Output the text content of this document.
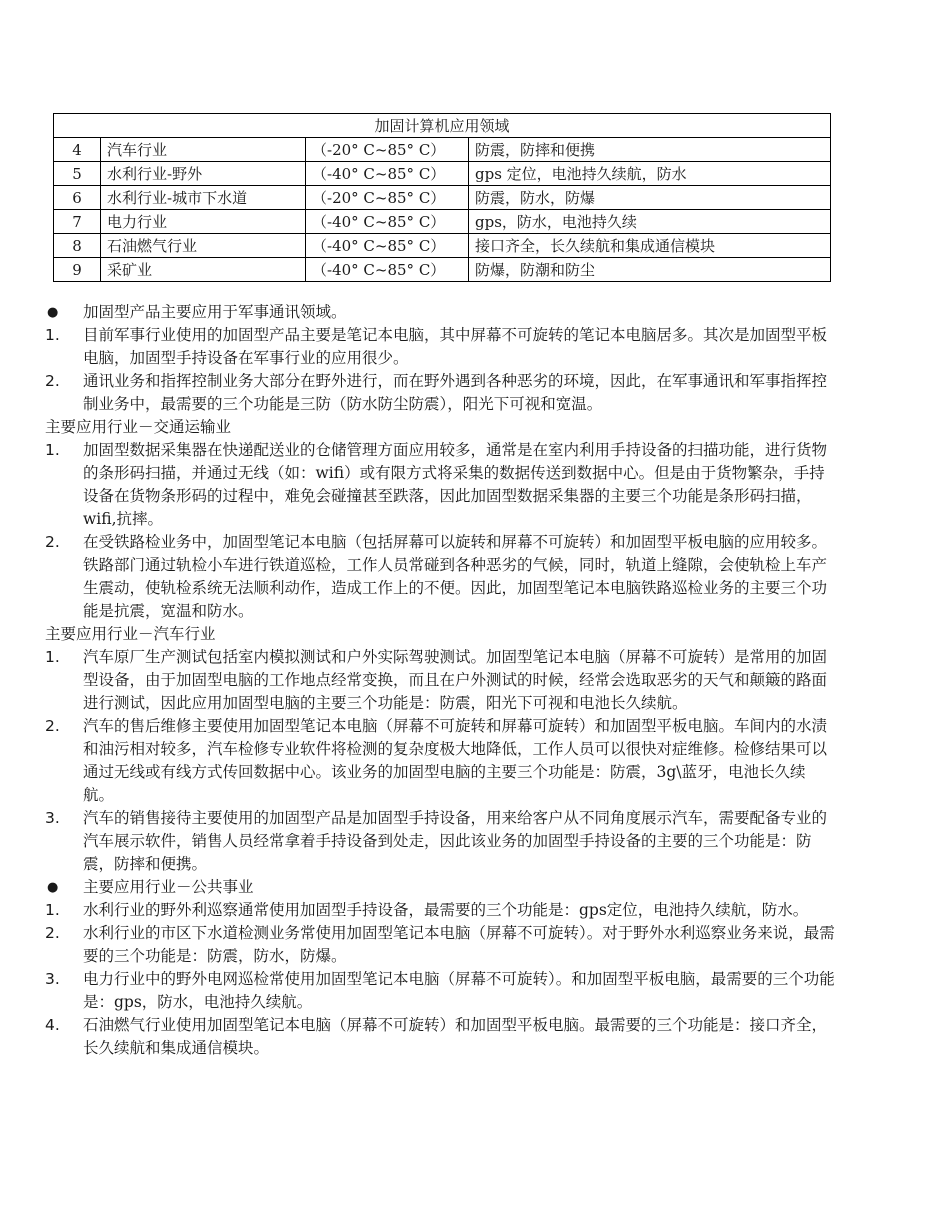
加固计算机应用领域			
4	汽车行业	（-20° C~85° C）	防震，防摔和便携
5	水利行业-野外	（-40° C~85° C）	gps 定位，电池持久续航，防水
6	水利行业-城市下水道	（-20° C~85° C）	防震，防水，防爆
7	电力行业	（-40° C~85° C）	gps，防水，电池持久续
8	石油燃气行业	（-40° C~85° C）	接口齐全，长久续航和集成通信模块
9	采矿业	（-40° C~85° C）	防爆，防潮和防尘
● 加固型产品主要应用于军事通讯领域。
1. 目前军事行业使用的加固型产品主要是笔记本电脑，其中屏幕不可旋转的笔记本电脑居多。其次是加固型平板电脑，加固型手持设备在军事行业的应用很少。
2. 通讯业务和指挥控制业务大部分在野外进行，而在野外遇到各种恶劣的环境，因此，在军事通讯和军事指挥控制业务中，最需要的三个功能是三防（防水防尘防震），阳光下可视和宽温。
主要应用行业－交通运输业
1. 加固型数据采集器在快递配送业的仓储管理方面应用较多，通常是在室内利用手持设备的扫描功能，进行货物的条形码扫描，并通过无线（如：wifi）或有限方式将采集的数据传送到数据中心。但是由于货物繁杂，手持设备在货物条形码的过程中，难免会碰撞甚至跌落，因此加固型数据采集器的主要三个功能是条形码扫描，wifi,抗摔。
2. 在受铁路检业务中，加固型笔记本电脑（包括屏幕可以旋转和屏幕不可旋转）和加固型平板电脑的应用较多。铁路部门通过轨检小车进行铁道巡检，工作人员常碰到各种恶劣的气候，同时，轨道上缝隙，会使轨检上车产生震动，使轨检系统无法顺利动作，造成工作上的不便。因此，加固型笔记本电脑铁路巡检业务的主要三个功能是抗震，宽温和防水。
主要应用行业－汽车行业
1. 汽车原厂生产测试包括室内模拟测试和户外实际驾驶测试。加固型笔记本电脑（屏幕不可旋转）是常用的加固型设备，由于加固型电脑的工作地点经常变换，而且在户外测试的时候，经常会选取恶劣的天气和颠簸的路面进行测试，因此应用加固型电脑的主要三个功能是：防震，阳光下可视和电池长久续航。
2. 汽车的售后维修主要使用加固型笔记本电脑（屏幕不可旋转和屏幕可旋转）和加固型平板电脑。车间内的水渍和油污相对较多，汽车检修专业软件将检测的复杂度极大地降低，工作人员可以很快对症维修。检修结果可以通过无线或有线方式传回数据中心。该业务的加固型电脑的主要三个功能是：防震，3g\蓝牙，电池长久续航。
3. 汽车的销售接待主要使用的加固型产品是加固型手持设备，用来给客户从不同角度展示汽车，需要配备专业的汽车展示软件，销售人员经常拿着手持设备到处走，因此该业务的加固型手持设备的主要的三个功能是：防震，防摔和便携。
● 主要应用行业－公共事业
1. 水利行业的野外利巡察通常使用加固型手持设备，最需要的三个功能是：gps定位，电池持久续航，防水。
2. 水利行业的市区下水道检测业务常使用加固型笔记本电脑（屏幕不可旋转）。对于野外水利巡察业务来说，最需要的三个功能是：防震，防水，防爆。
3. 电力行业中的野外电网巡检常使用加固型笔记本电脑（屏幕不可旋转）。和加固型平板电脑，最需要的三个功能是：gps，防水，电池持久续航。
4. 石油燃气行业使用加固型笔记本电脑（屏幕不可旋转）和加固型平板电脑。最需要的三个功能是：接口齐全，长久续航和集成通信模块。
